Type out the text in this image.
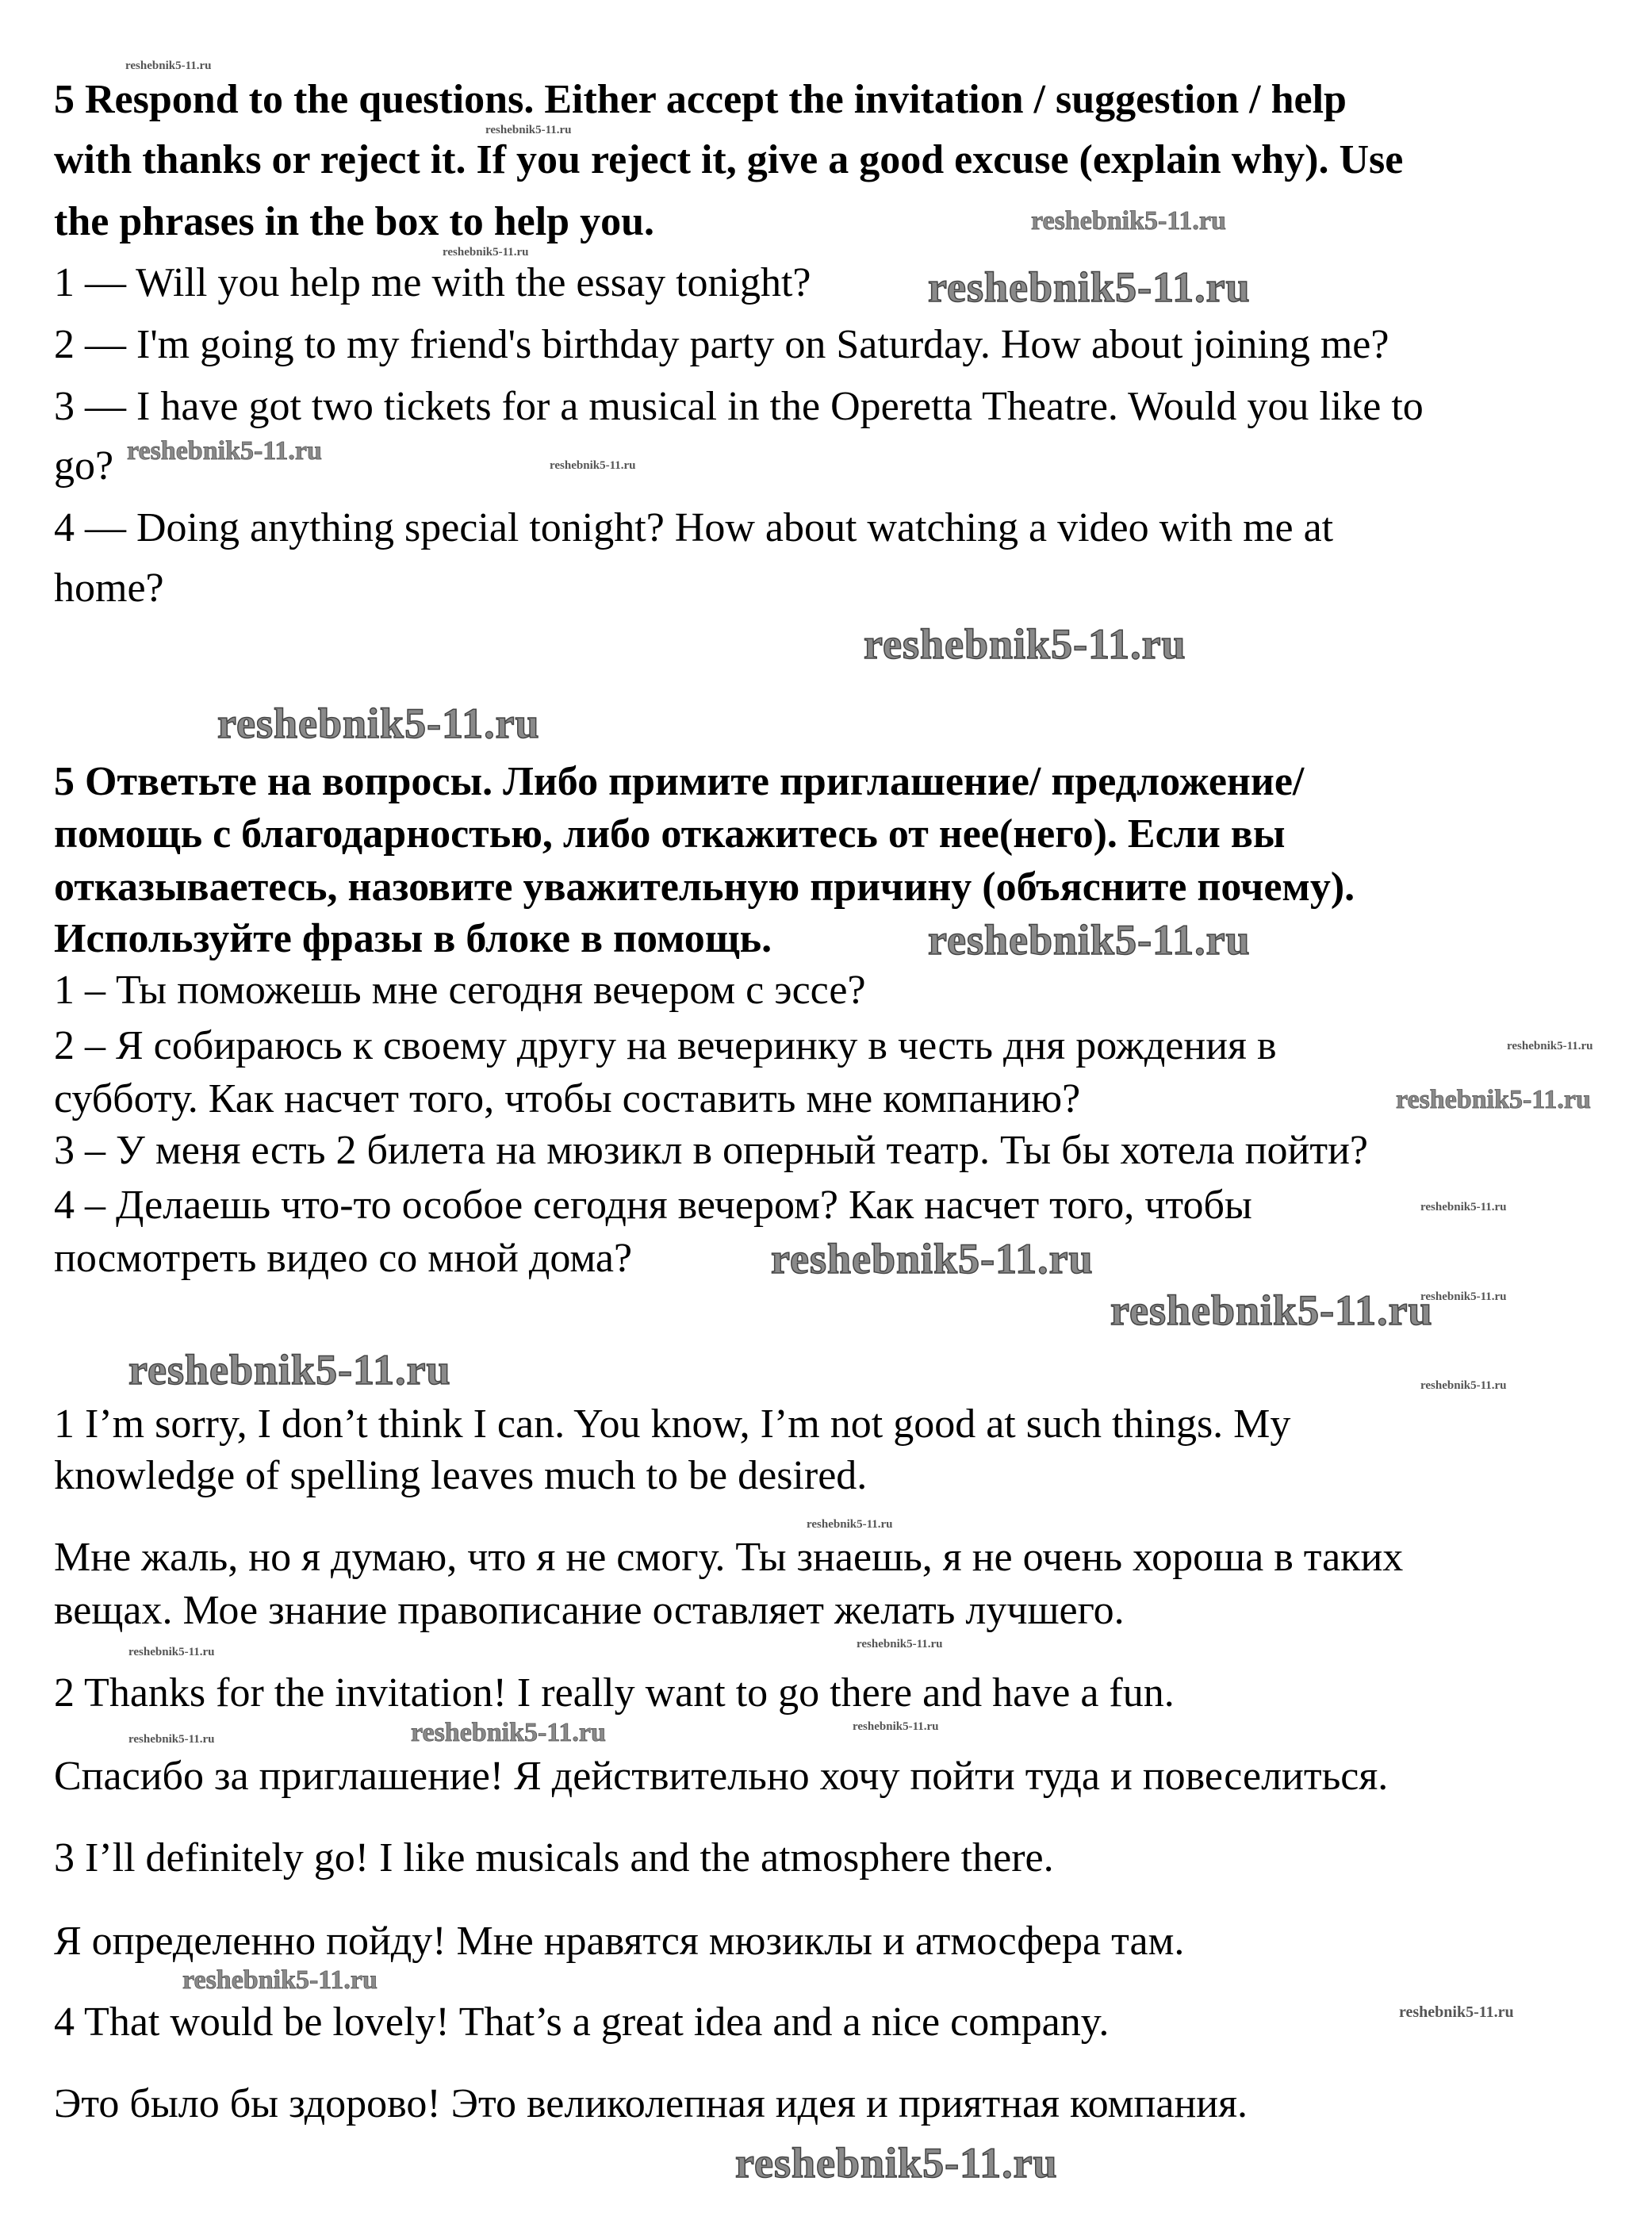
5 Respond to the questions. Either accept the invitation / suggestion / help
with thanks or reject it. If you reject it, give a good excuse (explain why). Use
the phrases in the box to help you.
1 — Will you help me with the essay tonight?
2 — I'm going to my friend's birthday party on Saturday. How about joining me?
3 — I have got two tickets for a musical in the Operetta Theatre. Would you like to
go?
4 — Doing anything special tonight? How about watching a video with me at
home?
5 Ответьте на вопросы. Либо примите приглашение/ предложение/
помощь с благодарностью, либо откажитесь от нее(него). Если вы
отказываетесь, назовите уважительную причину (объясните почему).
Используйте фразы в блоке в помощь.
1 – Ты поможешь мне сегодня вечером с эссе?
2 – Я собираюсь к своему другу на вечеринку в честь дня рождения в
субботу. Как насчет того, чтобы составить мне компанию?
3 – У меня есть 2 билета на мюзикл в оперный театр. Ты бы хотела пойти?
4 – Делаешь что-то особое сегодня вечером? Как насчет того, чтобы
посмотреть видео со мной дома?
1 I’m sorry, I don’t think I can. You know, I’m not good at such things. My
knowledge of spelling leaves much to be desired.
Мне жаль, но я думаю, что я не смогу. Ты знаешь, я не очень хороша в таких
вещах. Мое знание правописание оставляет желать лучшего.
2 Thanks for the invitation! I really want to go there and have a fun.
Спасибо за приглашение! Я действительно хочу пойти туда и повеселиться.
3 I’ll definitely go! I like musicals and the atmosphere there.
Я определенно пойду! Мне нравятся мюзиклы и атмосфера там.
4 That would be lovely! That’s a great idea and a nice company.
Это было бы здорово! Это великолепная идея и приятная компания.
reshebnik5-11.ru
reshebnik5-11.ru
reshebnik5-11.ru
reshebnik5-11.ru
reshebnik5-11.ru
reshebnik5-11.ru
reshebnik5-11.ru
reshebnik5-11.ru
reshebnik5-11.ru
reshebnik5-11.ru
reshebnik5-11.ru
reshebnik5-11.ru
reshebnik5-11.ru
reshebnik5-11.ru
reshebnik5-11.ru
reshebnik5-11.ru
reshebnik5-11.ru
reshebnik5-11.ru
reshebnik5-11.ru
reshebnik5-11.ru
reshebnik5-11.ru
reshebnik5-11.ru
reshebnik5-11.ru
reshebnik5-11.ru
reshebnik5-11.ru
reshebnik5-11.ru
reshebnik5-11.ru
